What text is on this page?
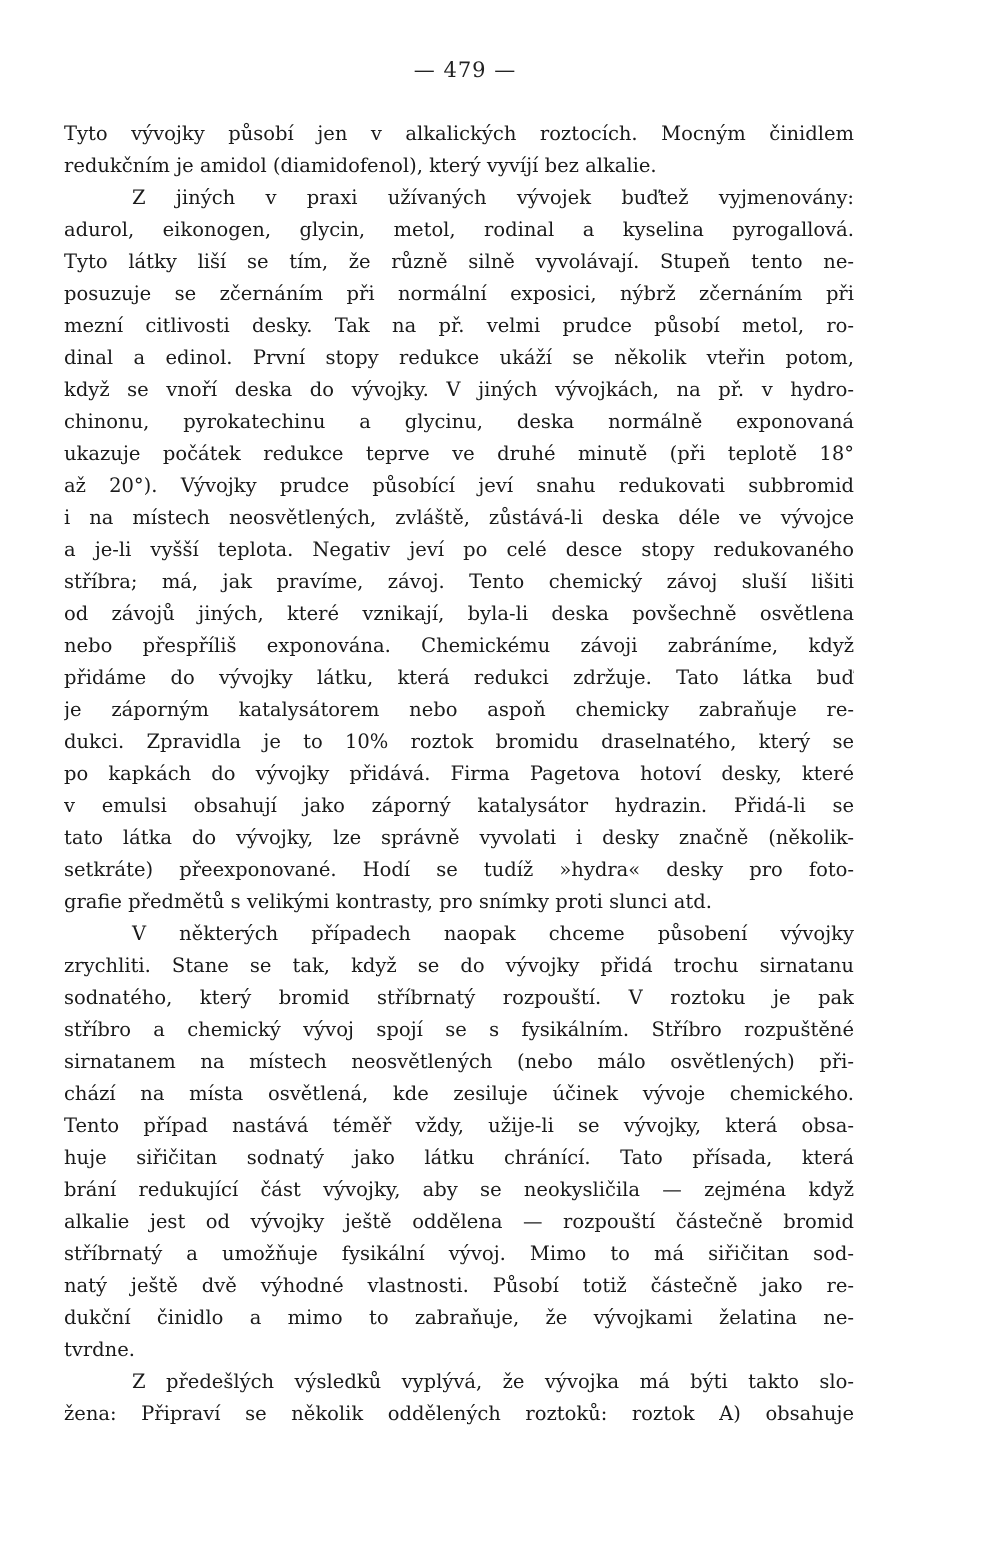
— 479 —
Tyto vývojky působí jen v alkalických roztocích. Mocným činidlem
redukčním je amidol (diamidofenol), který vyvíjí bez alkalie.
Z jiných v praxi užívaných vývojek buďtež vyjmenovány:
adurol, eikonogen, glycin, metol, rodinal a kyselina pyrogallová.
Tyto látky liší se tím, že různě silně vyvolávají. Stupeň tento ne-
posuzuje se zčernáním při normální exposici, nýbrž zčernáním při
mezní citlivosti desky. Tak na př. velmi prudce působí metol, ro-
dinal a edinol. První stopy redukce ukáží se několik vteřin potom,
když se vnoří deska do vývojky. V jiných vývojkách, na př. v hydro-
chinonu, pyrokatechinu a glycinu, deska normálně exponovaná
ukazuje počátek redukce teprve ve druhé minutě (při teplotě 18°
až 20°). Vývojky prudce působící jeví snahu redukovati subbromid
i na místech neosvětlených, zvláště, zůstává-li deska déle ve vývojce
a je-li vyšší teplota. Negativ jeví po celé desce stopy redukovaného
stříbra; má, jak pravíme, závoj. Tento chemický závoj sluší lišiti
od závojů jiných, které vznikají, byla-li deska povšechně osvětlena
nebo přespříliš exponována. Chemickému závoji zabráníme, když
přidáme do vývojky látku, která redukci zdržuje. Tato látka buď
je záporným katalysátorem nebo aspoň chemicky zabraňuje re-
dukci. Zpravidla je to 10% roztok bromidu draselnatého, který se
po kapkách do vývojky přidává. Firma Pagetova hotoví desky, které
v emulsi obsahují jako záporný katalysátor hydrazin. Přidá-li se
tato látka do vývojky, lze správně vyvolati i desky značně (několik-
setkráte) přeexponované. Hodí se tudíž »hydra« desky pro foto-
grafie předmětů s velikými kontrasty, pro snímky proti slunci atd.
V některých případech naopak chceme působení vývojky
zrychliti. Stane se tak, když se do vývojky přidá trochu sirnatanu
sodnatého, který bromid stříbrnatý rozpouští. V roztoku je pak
stříbro a chemický vývoj spojí se s fysikálním. Stříbro rozpuštěné
sirnatanem na místech neosvětlených (nebo málo osvětlených) při-
chází na místa osvětlená, kde zesiluje účinek vývoje chemického.
Tento případ nastává téměř vždy, užije-li se vývojky, která obsa-
huje siřičitan sodnatý jako látku chránící. Tato přísada, která
brání redukující část vývojky, aby se neokysličila — zejména když
alkalie jest od vývojky ještě oddělena — rozpouští částečně bromid
stříbrnatý a umožňuje fysikální vývoj. Mimo to má siřičitan sod-
natý ještě dvě výhodné vlastnosti. Působí totiž částečně jako re-
dukční činidlo a mimo to zabraňuje, že vývojkami želatina ne-
tvrdne.
Z předešlých výsledků vyplývá, že vývojka má býti takto slo-
žena: Připraví se několik oddělených roztoků: roztok A) obsahuje
